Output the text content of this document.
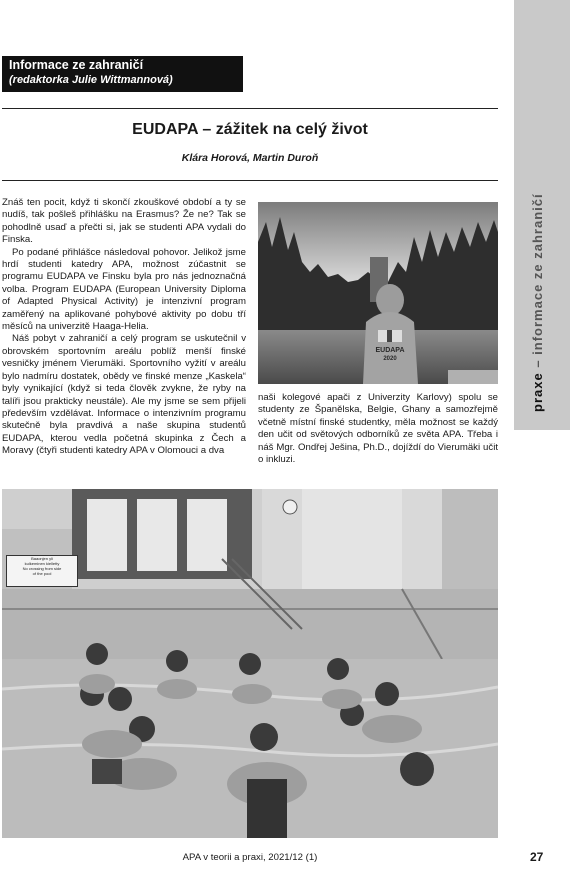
praxe – informace ze zahraničí
Informace ze zahraničí
(redaktorka Julie Wittmannová)
EUDAPA – zážitek na celý život
Klára Horová, Martin Duroň

Znáš ten pocit, když ti skončí zkouškové období a ty se nudíš, tak pošleš přihlášku na Erasmus? Že ne? Tak se pohodlně usaď a přečti si, jak se studenti APA vydali do Finska.

Po podané přihlášce následoval pohovor. Jelikož jsme hrdí studenti katedry APA, možnost zúčastnit se programu EUDAPA ve Finsku byla pro nás jednoznačná volba. Program EUDAPA (European University Diploma of Adapted Physical Activity) je intenzivní program zaměřený na aplikované pohybové aktivity po dobu tří měsíců na univerzitě Haaga-Helia.

Náš pobyt v zahraničí a celý program se uskutečnil v obrovském sportovním areálu poblíž menší finské vesničky jménem Vierumäki. Sportovního vyžití v areálu bylo nadmíru dostatek, obědy ve finské menze „Kaskela“ byly vynikající (když si teda člověk zvykne, že ryby na talíři jsou prakticky neustále). Ale my jsme se sem přijeli především vzdělávat. Informace o intenzivním programu skutečně byla pravdivá a naše skupina studentů EUDAPA, kterou vedla početná skupinka z Čech a Moravy (čtyři studenti katedry APA v Olomouci a dva

EUDAPA
2020

naši kolegové apači z Univerzity Karlovy) spolu se studenty ze Španělska, Belgie, Ghany a samozřejmě včetně místní finské studentky, měla možnost se každý den učit od světových odborníků ze světa APA. Třeba i náš Mgr. Ondřej Ješina, Ph.D., dojíždí do Vierumäki učit o inkluzi.

Baaonjen yli
kulkeminen kielletty
No crossing from side
of the pool
APA v teorii a praxi, 2021/12 (1)	27
